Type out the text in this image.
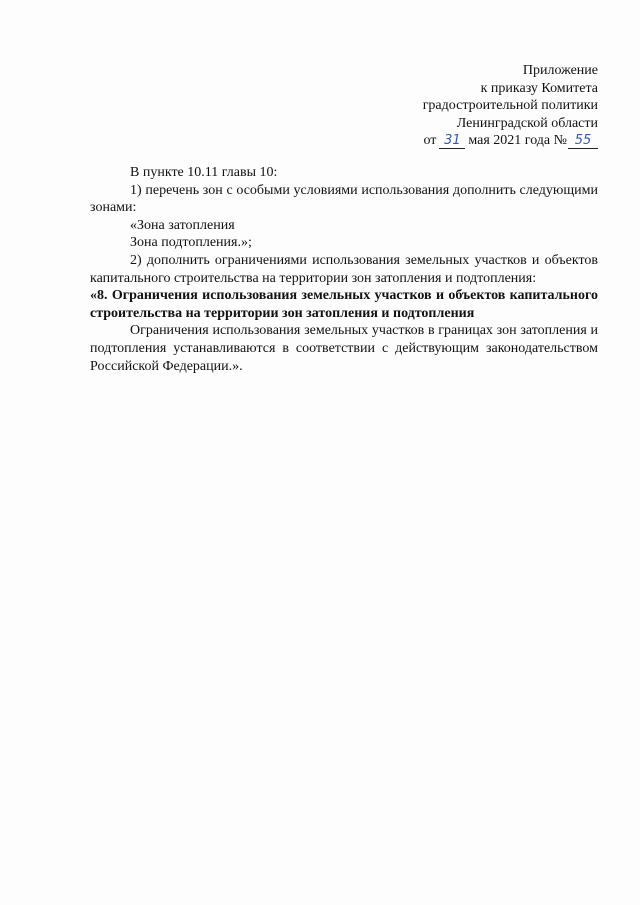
Приложение
к приказу Комитета
градостроительной политики
Ленинградской области
от 31 мая 2021 года № 55

В пункте 10.11 главы 10:

1) перечень зон с особыми условиями использования дополнить следующими зонами:

«Зона затопления

Зона подтопления.»;

2) дополнить ограничениями использования земельных участков и объектов капитального строительства на территории зон затопления и подтопления:

«8. Ограничения использования земельных участков и объектов капитального строительства на территории зон затопления и подтопления

Ограничения использования земельных участков в границах зон затопления и подтопления устанавливаются в соответствии с действующим законодательством Российской Федерации.».
